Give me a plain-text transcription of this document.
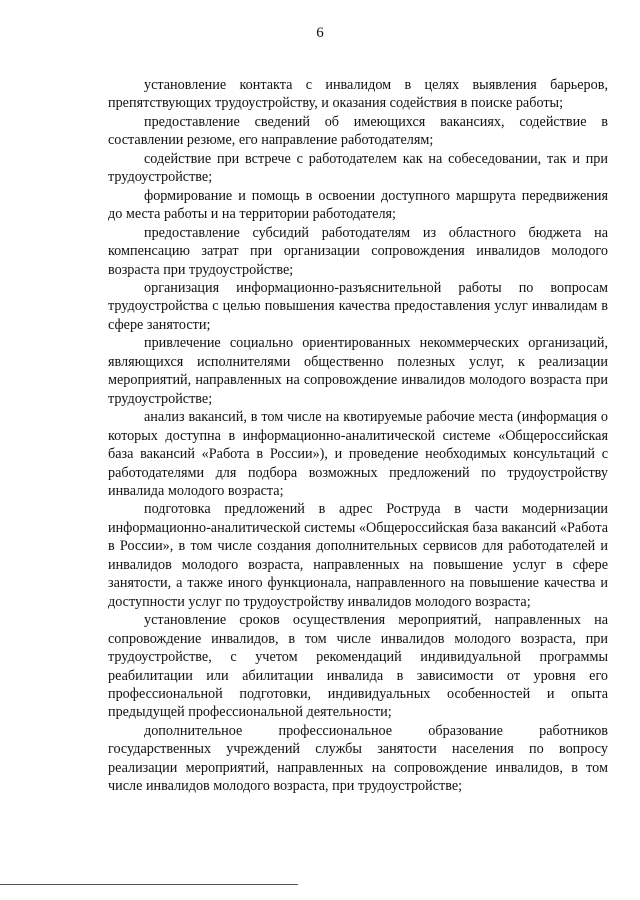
6

установление контакта с инвалидом в целях выявления барьеров, препятствующих трудоустройству, и оказания содействия в поиске работы;

предоставление сведений об имеющихся вакансиях, содействие в составлении резюме, его направление работодателям;

содействие при встрече с работодателем как на собеседовании, так и при трудоустройстве;

формирование и помощь в освоении доступного маршрута передвижения до места работы и на территории работодателя;

предоставление субсидий работодателям из областного бюджета на компенсацию затрат при организации сопровождения инвалидов молодого возраста при трудоустройстве;

организация информационно-разъяснительной работы по вопросам трудоустройства с целью повышения качества предоставления услуг инвалидам в сфере занятости;

привлечение социально ориентированных некоммерческих организаций, являющихся исполнителями общественно полезных услуг, к реализации мероприятий, направленных на сопровождение инвалидов молодого возраста при трудоустройстве;

анализ вакансий, в том числе на квотируемые рабочие места (информация о которых доступна в информационно-аналитической системе «Общероссийская база вакансий «Работа в России»), и проведение необходимых консультаций с работодателями для подбора возможных предложений по трудоустройству инвалида молодого возраста;

подготовка предложений в адрес Роструда в части модернизации информационно-аналитической системы «Общероссийская база вакансий «Работа в России», в том числе создания дополнительных сервисов для работодателей и инвалидов молодого возраста, направленных на повышение услуг в сфере занятости, а также иного функционала, направленного на повышение качества и доступности услуг по трудоустройству инвалидов молодого возраста;

установление сроков осуществления мероприятий, направленных на сопровождение инвалидов, в том числе инвалидов молодого возраста, при трудоустройстве, с учетом рекомендаций индивидуальной программы реабилитации или абилитации инвалида в зависимости от уровня его профессиональной подготовки, индивидуальных особенностей и опыта предыдущей профессиональной деятельности;

дополнительное профессиональное образование работников государственных учреждений службы занятости населения по вопросу реализации мероприятий, направленных на сопровождение инвалидов, в том числе инвалидов молодого возраста, при трудоустройстве;
